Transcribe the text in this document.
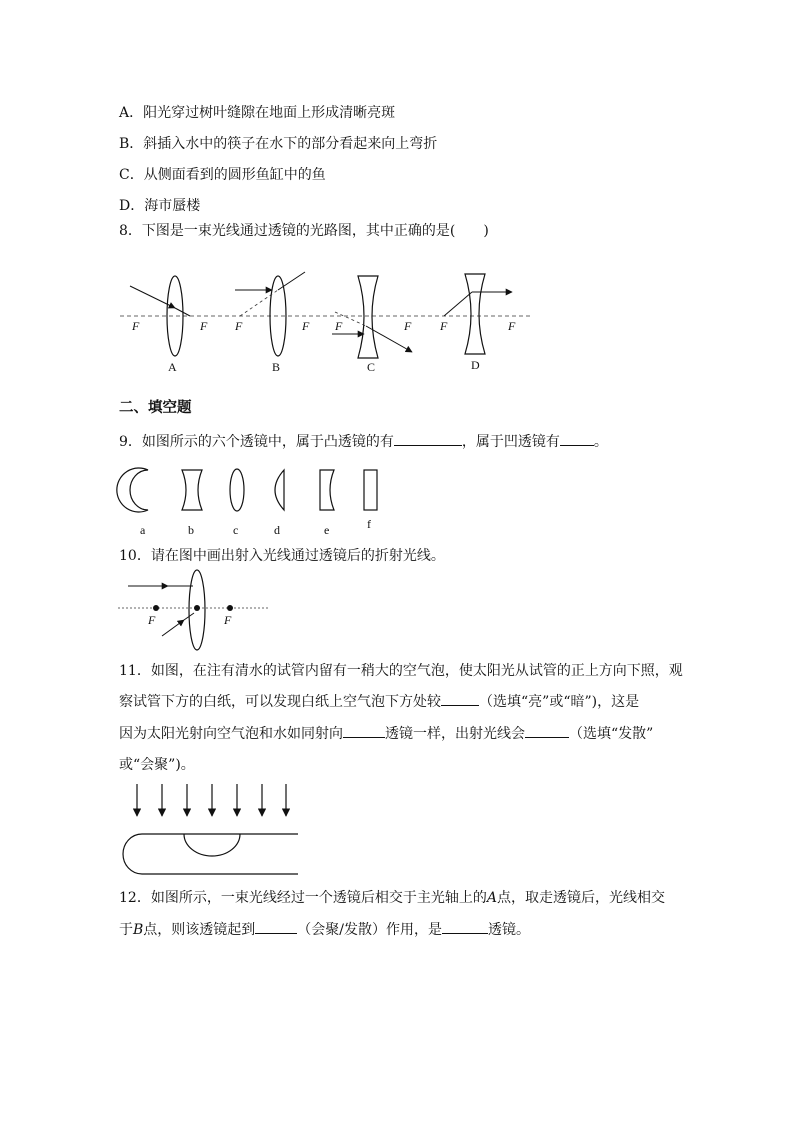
A．阳光穿过树叶缝隙在地面上形成清晰亮斑
B．斜插入水中的筷子在水下的部分看起来向上弯折
C．从侧面看到的圆形鱼缸中的鱼
D．海市蜃楼
8．下图是一束光线通过透镜的光路图，其中正确的是(　　)
F	F
A
F	F
B
F	F
C
F	F
D
二、填空题
9．如图所示的六个透镜中，属于凸透镜的有	，属于凹透镜有 。
a	b	c	d	e	f
10．请在图中画出射入光线通过透镜后的折射光线。
F	F
11．如图，在注有清水的试管内留有一稍大的空气泡，使太阳光从试管的正上方向下照，观
察试管下方的白纸，可以发现白纸上空气泡下方处较	（选填“亮”或“暗”)，这是
因为太阳光射向空气泡和水如同射向	透镜一样，出射光线会	（选填“发散”
或“会聚”)。
12．如图所示，一束光线经过一个透镜后相交于主光轴上的A点，取走透镜后，光线相交
于B点，则该透镜起到	（会聚/发散）作用，是	透镜。
